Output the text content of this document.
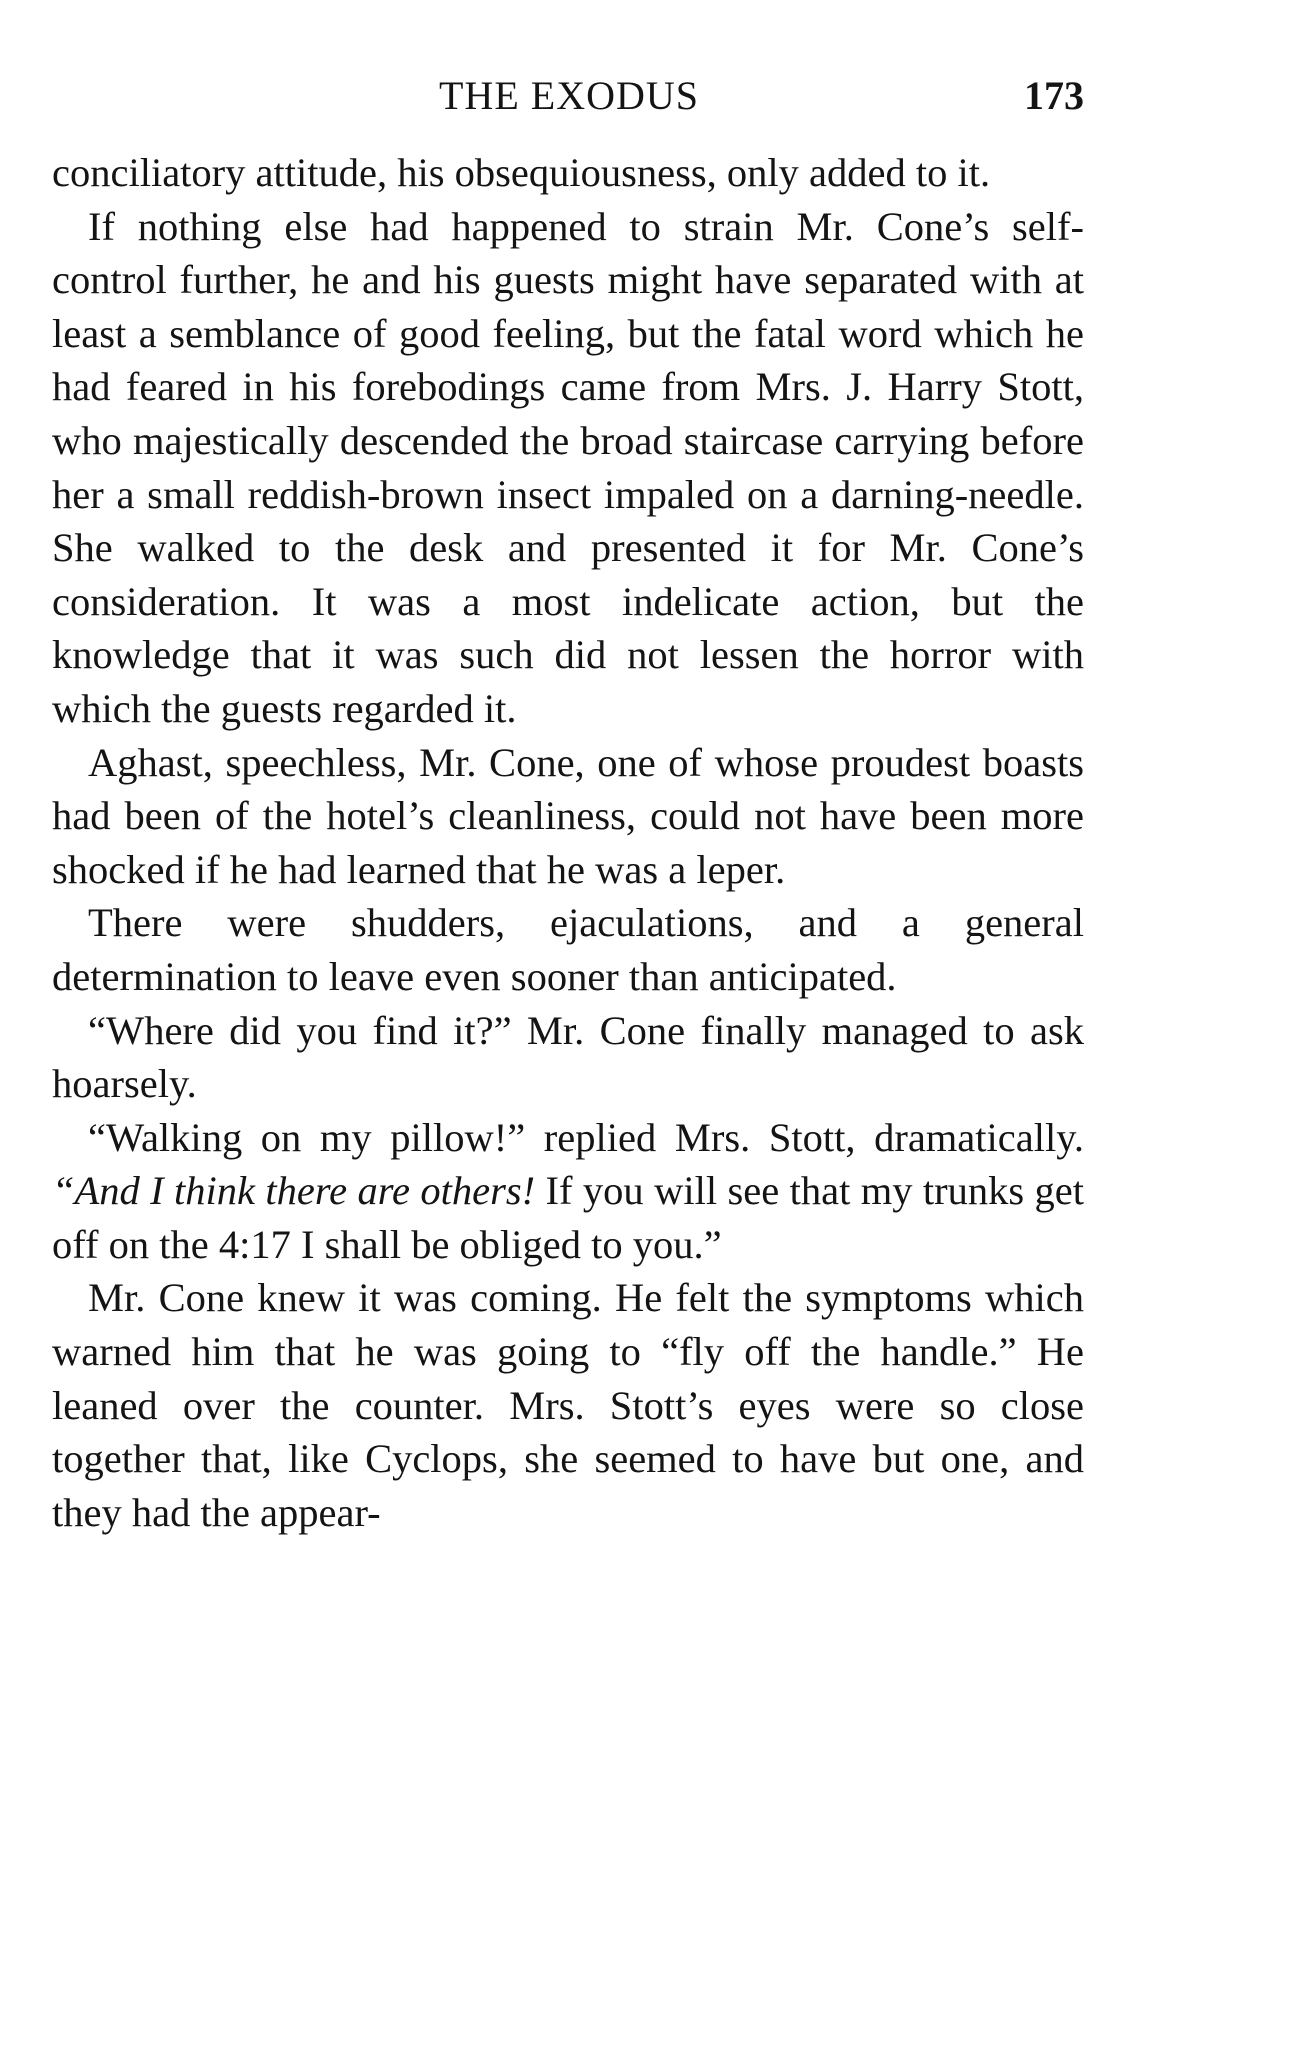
THE EXODUS	173

conciliatory attitude, his obsequiousness, only added to it.

If nothing else had happened to strain Mr. Cone’s self-control further, he and his guests might have separated with at least a semblance of good feeling, but the fatal word which he had feared in his forebodings came from Mrs. J. Harry Stott, who majestically descended the broad staircase carrying before her a small reddish-brown insect impaled on a darning-needle. She walked to the desk and presented it for Mr. Cone’s consideration. It was a most indelicate action, but the knowledge that it was such did not lessen the horror with which the guests regarded it.

Aghast, speechless, Mr. Cone, one of whose proudest boasts had been of the hotel’s cleanliness, could not have been more shocked if he had learned that he was a leper.

There were shudders, ejaculations, and a general determination to leave even sooner than anticipated.

“Where did you find it?” Mr. Cone finally managed to ask hoarsely.

“Walking on my pillow!” replied Mrs. Stott, dramatically. “And I think there are others! If you will see that my trunks get off on the 4:17 I shall be obliged to you.”

Mr. Cone knew it was coming. He felt the symptoms which warned him that he was going to “fly off the handle.” He leaned over the counter. Mrs. Stott’s eyes were so close together that, like Cyclops, she seemed to have but one, and they had the appear-
